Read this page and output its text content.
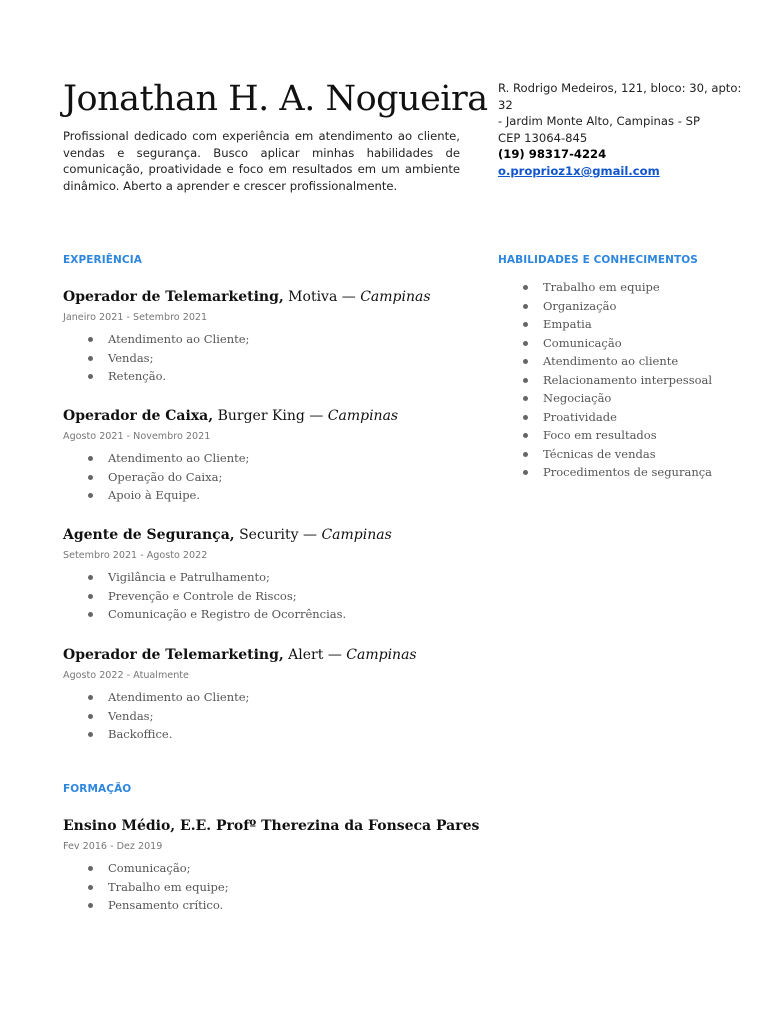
Jonathan H. A. Nogueira

Profissional dedicado com experiência em atendimento ao cliente, vendas e segurança. Busco aplicar minhas habilidades de comunicação, proatividade e foco em resultados em um ambiente dinâmico. Aberto a aprender e crescer profissionalmente.

R. Rodrigo Medeiros, 121, bloco: 30, apto: 32
- Jardim Monte Alto, Campinas - SP
CEP 13064-845
(19) 98317-4224
o.proprioz1x@gmail.com
EXPERIÊNCIA
Operador de Telemarketing, Motiva — Campinas
Janeiro 2021 - Setembro 2021
Atendimento ao Cliente;
Vendas;
Retenção.
Operador de Caixa, Burger King — Campinas
Agosto 2021 - Novembro 2021
Atendimento ao Cliente;
Operação do Caixa;
Apoio à Equipe.
Agente de Segurança, Security — Campinas
Setembro 2021 - Agosto 2022
Vigilância e Patrulhamento;
Prevenção e Controle de Riscos;
Comunicação e Registro de Ocorrências.
Operador de Telemarketing, Alert — Campinas
Agosto 2022 - Atualmente
Atendimento ao Cliente;
Vendas;
Backoffice.
FORMAÇÃO
Ensino Médio, E.E. Profº Therezina da Fonseca Pares
Fev 2016 - Dez 2019
Comunicação;
Trabalho em equipe;
Pensamento crítico.
HABILIDADES E CONHECIMENTOS
Trabalho em equipe
Organização
Empatia
Comunicação
Atendimento ao cliente
Relacionamento interpessoal
Negociação
Proatividade
Foco em resultados
Técnicas de vendas
Procedimentos de segurança
